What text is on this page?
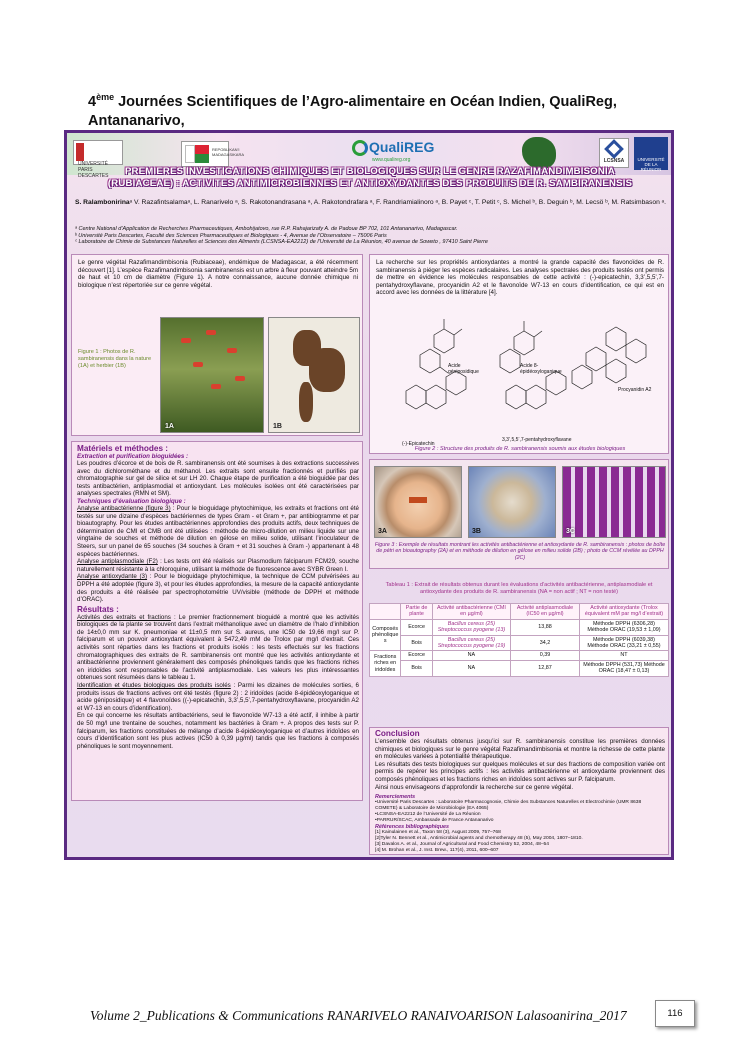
4ème Journées Scientifiques de l’Agro-alimentaire en Océan Indien, QualiReg, Antananarivo,

UNIVERSITÉ PARIS DESCARTES
REPOBLIKAN'I MADAGASIKARA	QualiREG
www.qualireg.org	LCSNSA	UNIVERSITÉ DE LA RÉUNION
PREMIERES INVESTIGATIONS CHIMIQUES ET BIOLOGIQUES SUR LE GENRE RAZAFIMANDIMBISONIA
(RUBIACEAE) : ACTIVITES ANTIMICROBIENNES ET ANTIOXYDANTES DES PRODUITS DE R. SAMBIRANENSIS
S. Ralambonirinaᵃ V. Razafintsalamaᵃ, L. Ranarivelo ᵃ, S. Rakotonandrasana ᵃ, A. Rakotondrafara ᵃ, F. Randriamialinoro ᵃ, B. Payet ᶜ, T. Petit ᶜ, S. Michel ᵇ, B. Deguin ᵇ, M. Lecsö ᵇ, M. Ratsimbason ᵃ.
ᵃ Centre National d’Application de Recherches Pharmaceutiques, Ambohijatovo, rue R.P. Rahajarizafy A. de Padoue BP 702, 101 Antananarivo, Madagascar.
ᵇ Université Paris Descartes, Faculté des Sciences Pharmaceutiques et Biologiques - 4, Avenue de l’Observatoire – 75006 Paris
ᶜ Laboratoire de Chimie de Substances Naturelles et Sciences des Aliments (LCSNSA-EA2212) de l’Université de La Réunion, 40 avenue de Soweto , 97410 Saint Pierre

Le genre végétal Razafimandimbisonia (Rubiaceae), endémique de Madagascar, a été récemment découvert [1]. L’espèce Razafimandimbisonia sambiranensis est un arbre à fleur pouvant atteindre 5m de haut et 10 cm de diamètre (Figure 1). A notre connaissance, aucune donnée chimique ni biologique n’est répertoriée sur ce genre végétal.

Figure 1 : Photos de R. sambiranensis dans la nature (1A) et herbier (1B)

1A	1B

La recherche sur les propriétés antioxydantes a montré la grande capacité des flavonoïdes de R. sambiranensis à piéger les espèces radicalaires. Les analyses spectrales des produits testés ont permis de mettre en évidence les molécules responsables de cette activité : (-)-epicatechin, 3,3’,5,5’,7-pentahydroxyflavane, procyanidin A2 et le flavonoïde W7-13 en cours d’identification, ce qui est en accord avec les données de la littérature [4].

Acide géniposidique
Acide 8-épidéoxyloganique
Procyanidin A2
(-)-Epicatechin
3,3’,5,5’,7-pentahydroxyflavane

Figure 2 : Structure des produits de R. sambiranensis soumis aux études biologiques

Matériels et méthodes :
Extraction et purification bioguidées :

Les poudres d’écorce et de bois de R. sambiranensis ont été soumises à des extractions successives avec du dichlorométhane et du méthanol. Les extraits sont ensuite fractionnés et purifiés par chromatographie sur gel de silice et sur LH 20. Chaque étape de purification a été bioguidée par des tests antibactérien, antiplasmodial et antioxydant. Les molécules isolées ont été caractérisées par analyses spectrales (RMN et SM).

Techniques d’évaluation biologique :

Analyse antibactérienne (figure 3) : Pour le bioguidage phytochimique, les extraits et fractions ont été testés sur une dizaine d’espèces bactériennes de types Gram - et Gram +, par antibiogramme et par bioautography. Pour les études antibactériennes approfondies des produits actifs, deux techniques de détermination de CMI et CMB ont été utilisées : méthode de micro-dilution en milieu liquide sur une vingtaine de souches et méthode de dilution en gélose en milieu solide, utilisant l’inoculateur de Steers, sur un panel de 65 souches (34 souches à Gram + et 31 souches à Gram -) appartenant à 48 espèces bactériennes.

Analyse antiplasmodiale (F2) : Les tests ont été réalisés sur Plasmodium falciparum FCM29, souche naturellement résistante à la chloroquine, utilisant la méthode de fluorescence avec SYBR Green I.

Analyse antioxydante (3) : Pour le bioguidage phytochimique, la technique de CCM pulvérisées au DPPH a été adoptée (figure 3), et pour les études approfondies, la mesure de la capacité antioxydante des produits a été réalisée par spectrophotométrie UV/visible (méthode de DPPH et méthode d’ORAC).

Résultats :

Activités des extraits et fractions : Le premier fractionnement bioguidé a montré que les activités biologiques de la plante se trouvent dans l’extrait méthanolique avec un diamètre de l’halo d’inhibition de 14±0,0 mm sur K. pneumoniae et 11±0,5 mm sur S. aureus, une IC50 de 19,66 mg/l sur P. falciparum et un pouvoir antioxydant équivalent à 5472,49 mM de Trolox par mg/l d’extrait. Ces activités sont réparties dans les fractions et produits isolés : les tests effectués sur les fractions chromatographiques des extraits de R. sambiranensis ont montré que les activités antioxydante et antibactérienne proviennent généralement des composés phénoliques tandis que les fractions riches en iridoïdes sont responsables de l’activité antiplasmodiale. Les valeurs les plus intéressantes obtenues sont résumées dans le tableau 1.

Identification et études biologiques des produits isolés : Parmi les dizaines de molécules sorties, 6 produits issus de fractions actives ont été testés (figure 2) : 2 iridoïdes (acide 8-épidéoxyloganique et acide géniposidique) et 4 flavonoïdes ((-)-epicatechin, 3,3’,5,5’,7-pentahydroxyflavane, procyanidin A2 et W7-13 en cours d’identification).

En ce qui concerne les résultats antibactériens, seul le flavonoïde W7-13 a été actif, il inhibe à partir de 50 mg/l une trentaine de souches, notamment les bactéries à Gram +. A propos des tests sur P. falciparum, les fractions constituées de mélange d’acide 8-épidéoxyloganique et d’autres iridoïdes en cours d’identification sont les plus actives (IC50 à 0,39 µg/ml) tandis que les fractions à composés phénoliques le sont moyennement.

3A	3B	3C

Figure 3 : Exemple de résultats montrant les activités antibactérienne et antioxydante de R. sambiranensis : photos de boîte de pétri en bioautography (2A) et en méthode de dilution en gélose en milieu solide (2B) ; photo de CCM révélée au DPPH (2C)

Tableau 1 : Extrait de résultats obtenus durant les évaluations d’activités antibactérienne, antiplasmodiale et antioxydante des produits de R. sambiranensis (NA = non actif ; NT = non testé)
	Partie de plante	Activité antibactérienne (CMI en µg/ml)	Activité antiplasmodiale (IC50 en µg/ml)	Activité antioxydante (Trolox équivalent mM par mg/l d’extrait)
Composés phénolique s	Ecorce	Bacillus cereus (25) Streptococcus pyogene (13)	13,88	Méthode DPPH (6306,28) Méthode ORAC (19,53 ± 1,09)
	Bois	Bacillus cereus (25) Streptococcus pyogene (19)	34,2	Méthode DPPH (6039,38) Méthode ORAC (33,21 ± 0,55)
Fractions riches en iridoïdes	Ecorce	NA	0,39	NT
	Bois	NA	12,87	Méthode DPPH (531,73) Méthode ORAC (18,47 ± 0,13)
Conclusion

L’ensemble des résultats obtenus jusqu’ici sur R. sambiranensis constitue les premières données chimiques et biologiques sur le genre végétal Razafimandimbisonia et montre la richesse de cette plante en molécules variées à potentialité thérapeutique.

Les résultats des tests biologiques sur quelques molécules et sur des fractions de composition variée ont permis de repérer les principes actifs : les activités antibactérienne et antioxydante proviennent des composés phénoliques et les fractions riches en iridoïdes sont actives sur P. falciparum.

Ainsi nous envisageons d’approfondir la recherche sur ce genre végétal.

Remerciements
•Université Paris Descartes : Laboratoire Pharmacognosie, Chimie des Substances Naturelles et Electrochimie (UMR 8638 COMETE) & Laboratoire de Microbiologie (EA 4065)
•LCSNSA-EA2212 de l’Université de La Réunion
•PARRUR/SCAC, Ambassade de France Antananarivo
Références bibliographiques
[1] Kainulainen et al., Taxon 58 (3), August 2009, 757–768
[2]Tyler N. Bennett et al., Antimicrobial agents and chemotherapy 48 (5), May 2004, 1807–1810.
[3] Davalos A. et al., Journal of Agricultural and Food Chemistry 52, 2004, 48–54
[4] M. Brohan et al., J. Inst. Brew., 117(4), 2011, 600–607
Volume 2_Publications & Communications RANARIVELO RANAIVOARISON Lalasoanirina_2017	116
